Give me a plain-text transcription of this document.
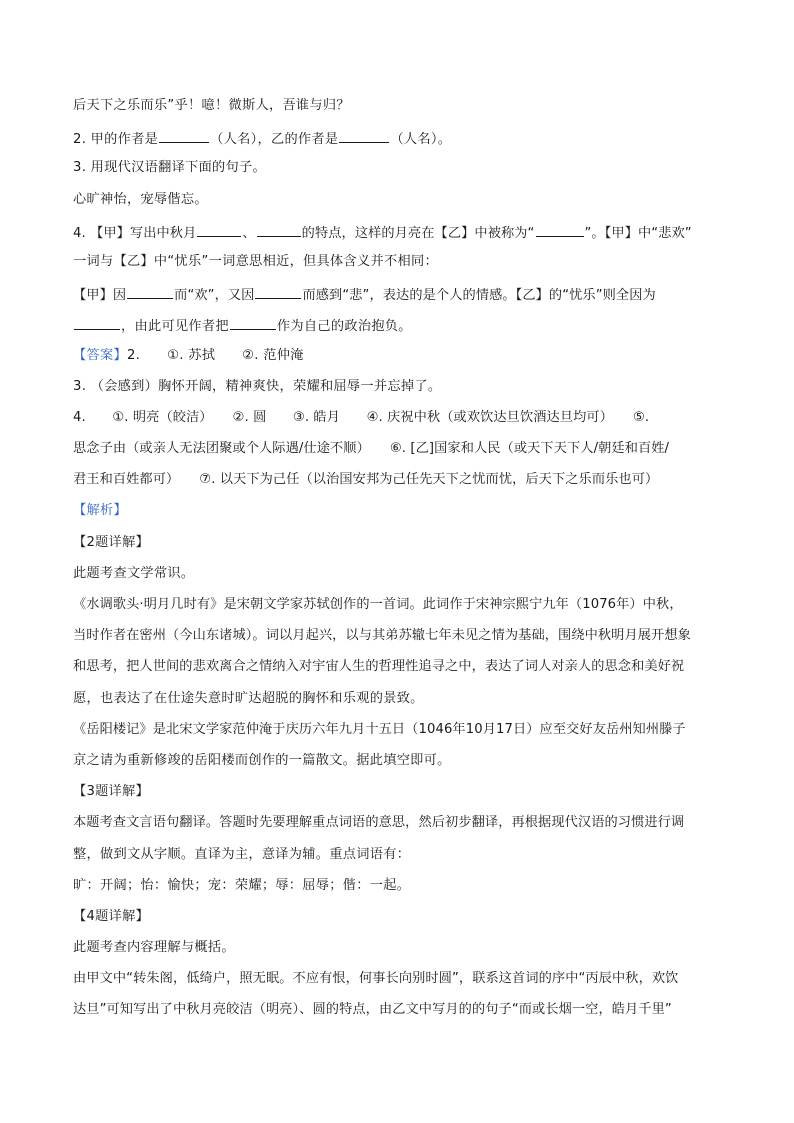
后天下之乐而乐”乎！噫！微斯人，吾谁与归？
2. 甲的作者是	（人名），乙的作者是	（人名）。
3. 用现代汉语翻译下面的句子。
心旷神怡，宠辱偕忘。
4. 【甲】写出中秋月	、	的特点，这样的月亮在【乙】中被称为“	”。【甲】中“悲欢”
一词与【乙】中“忧乐”一词意思相近，但具体含义并不相同：
【甲】因	而“欢”，又因	而感到“悲”，表达的是个人的情感。【乙】的“忧乐”则全因为
，由此可见作者把	作为自己的政治抱负。
【答案】2.　　①. 苏拭　　②. 范仲淹
3. （会感到）胸怀开阔，精神爽快，荣耀和屈辱一并忘掉了。
4.　　①. 明亮（皎洁）　　②. 圆　　③. 皓月　　④. 庆祝中秋（或欢饮达旦饮酒达旦均可）　　⑤.
思念子由（或亲人无法团聚或个人际遇/仕途不顺）　　⑥. [乙]国家和人民（或天下天下人/朝廷和百姓/
君王和百姓都可）　　⑦. 以天下为己任（以治国安邦为己任先天下之忧而忧，后天下之乐而乐也可）
【解析】
【2题详解】
此题考查文学常识。
《水调歌头·明月几时有》是宋朝文学家苏轼创作的一首词。此词作于宋神宗熙宁九年（1076年）中秋，
当时作者在密州（今山东诸城）。词以月起兴，以与其弟苏辙七年未见之情为基础，围绕中秋明月展开想象
和思考，把人世间的悲欢离合之情纳入对宇宙人生的哲理性追寻之中，表达了词人对亲人的思念和美好祝
愿，也表达了在仕途失意时旷达超脱的胸怀和乐观的景致。
《岳阳楼记》是北宋文学家范仲淹于庆历六年九月十五日（1046年10月17日）应至交好友岳州知州滕子
京之请为重新修竣的岳阳楼而创作的一篇散文。据此填空即可。
【3题详解】
本题考查文言语句翻译。答题时先要理解重点词语的意思，然后初步翻译，再根据现代汉语的习惯进行调
整，做到文从字顺。直译为主，意译为辅。重点词语有：
旷：开阔；怡：愉快；宠：荣耀；辱：屈辱；偕：一起。
【4题详解】
此题考查内容理解与概括。
由甲文中“转朱阁，低绮户，照无眠。不应有恨，何事长向别时圆”，联系这首词的序中“丙辰中秋，欢饮
达旦”可知写出了中秋月亮皎洁（明亮）、圆的特点，由乙文中写月的的句子“而或长烟一空，皓月千里”
